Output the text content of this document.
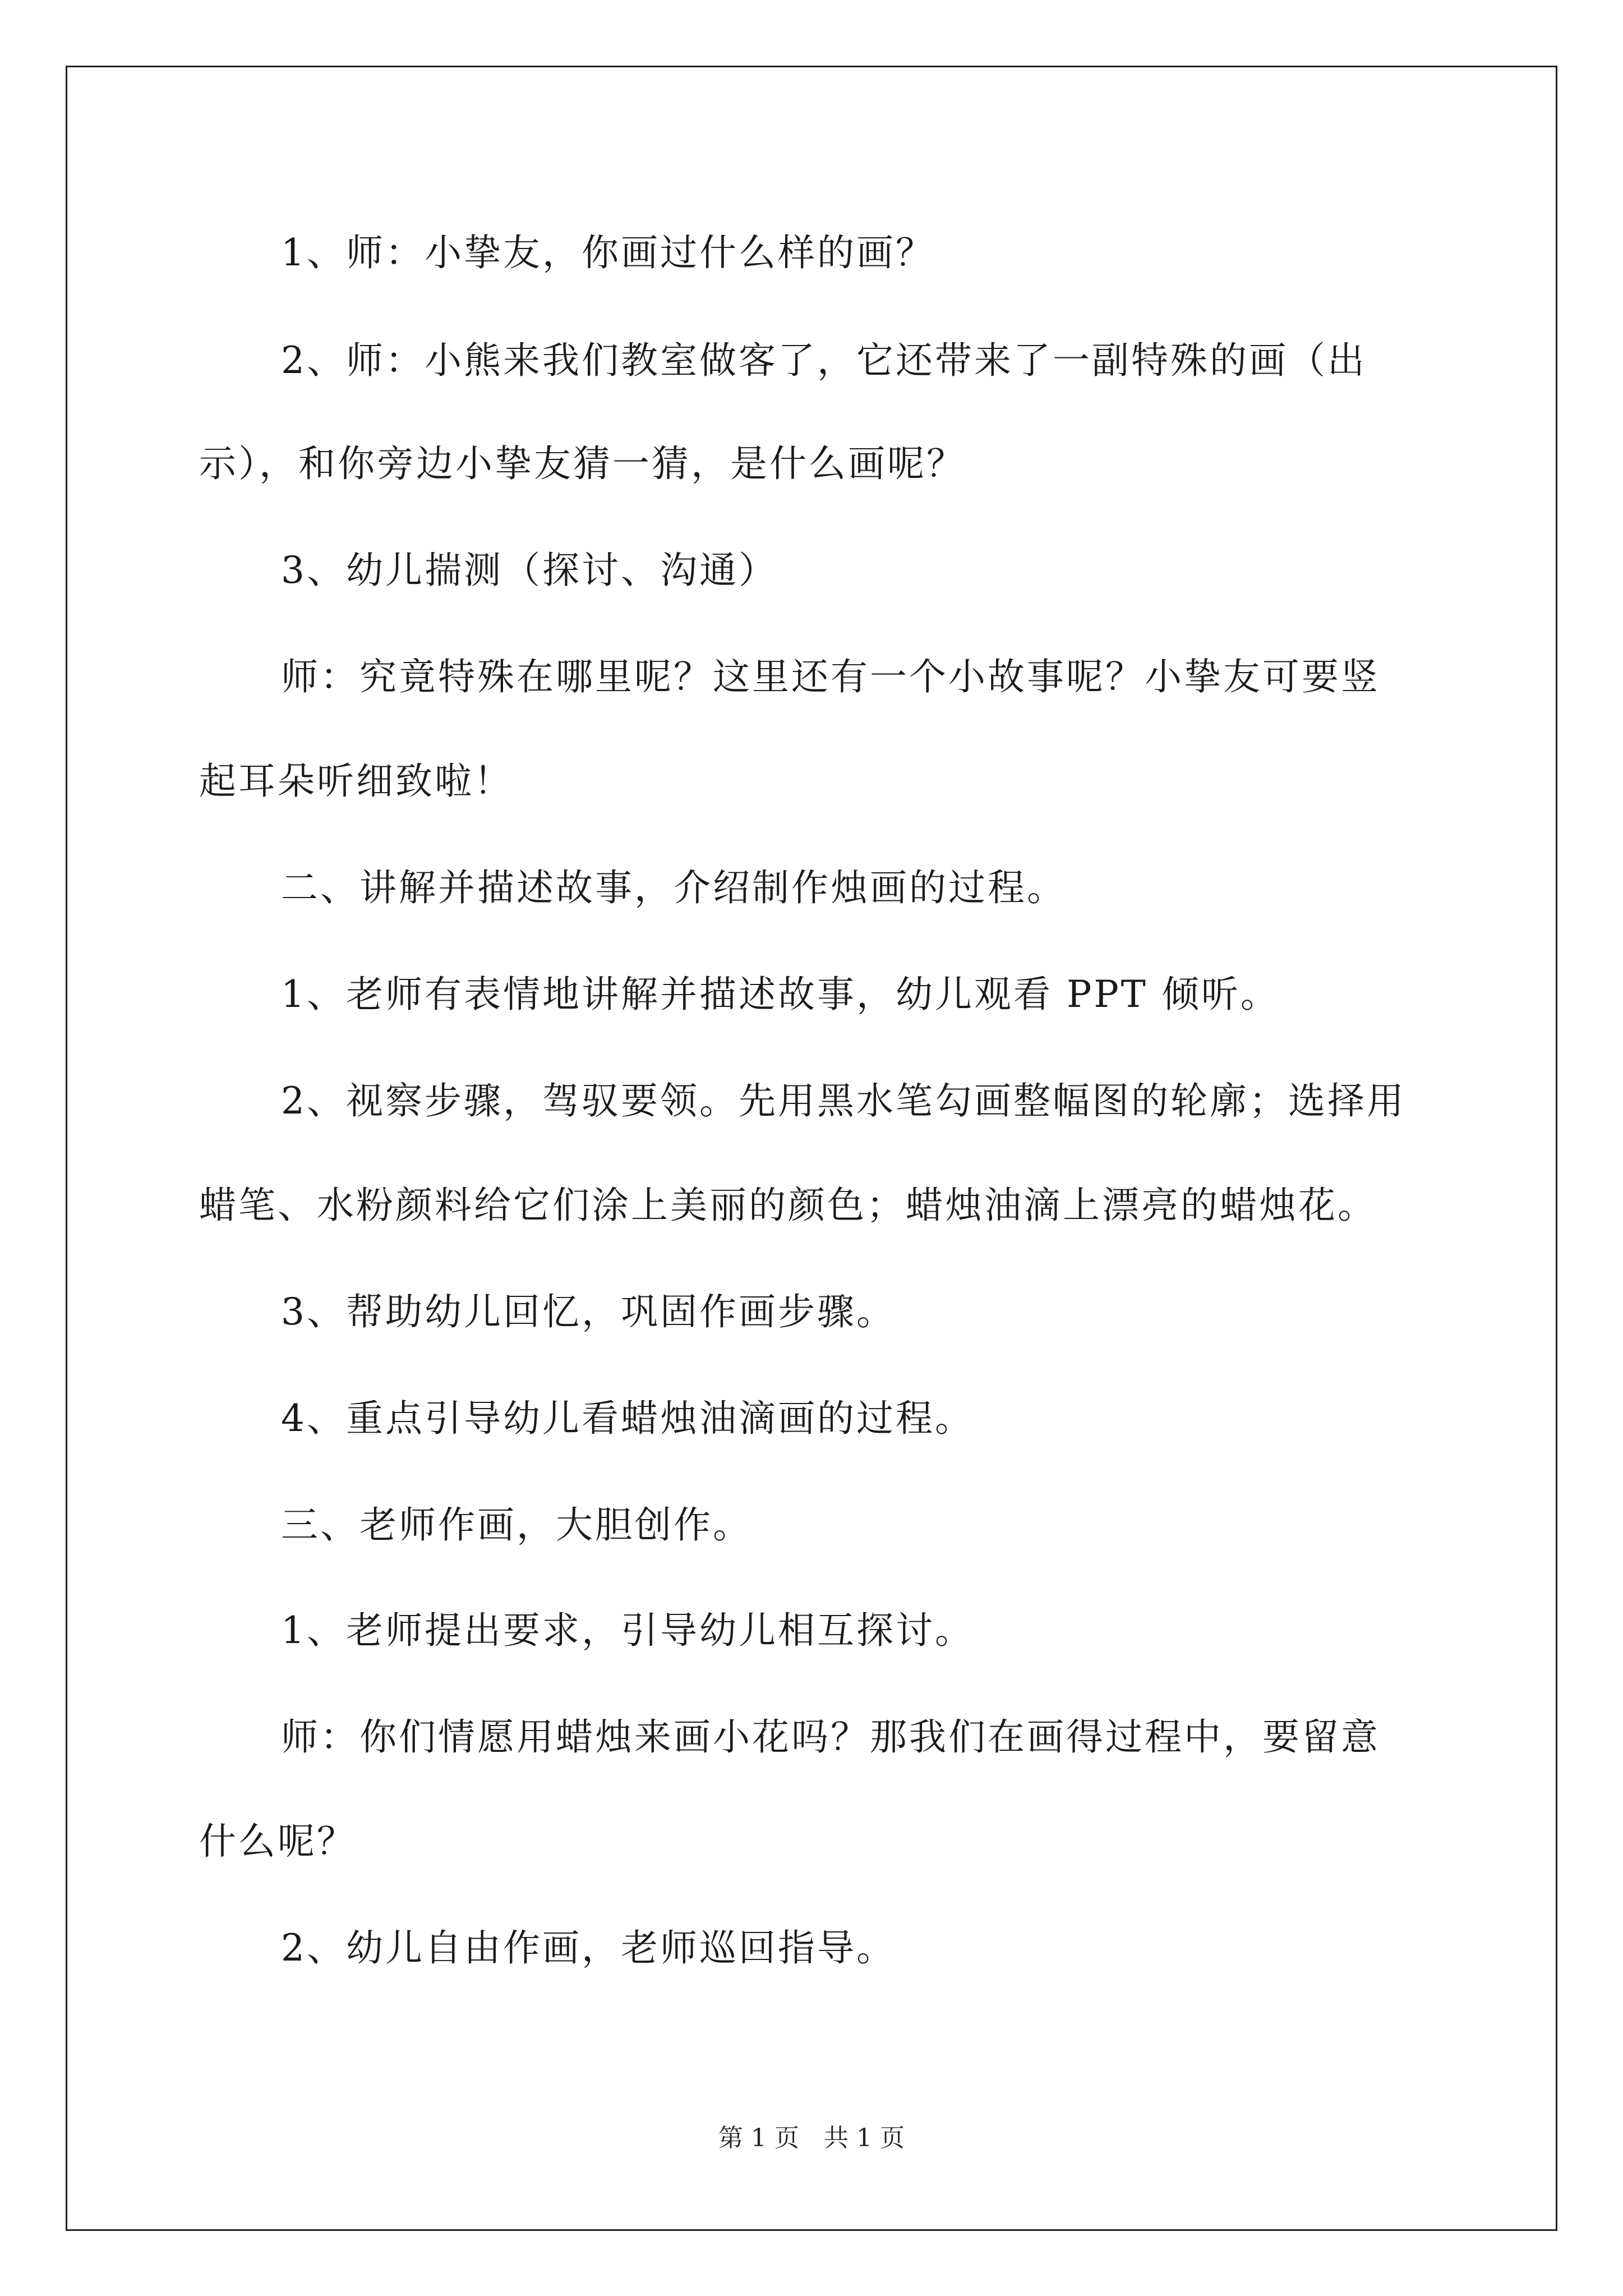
1、师：小挚友，你画过什么样的画？
2、师：小熊来我们教室做客了，它还带来了一副特殊的画（出
示），和你旁边小挚友猜一猜，是什么画呢？
3、幼儿揣测（探讨、沟通）
师：究竟特殊在哪里呢？这里还有一个小故事呢？小挚友可要竖
起耳朵听细致啦！
二、讲解并描述故事，介绍制作烛画的过程。
1、老师有表情地讲解并描述故事，幼儿观看 PPT 倾听。
2、视察步骤，驾驭要领。先用黑水笔勾画整幅图的轮廓；选择用
蜡笔、水粉颜料给它们涂上美丽的颜色；蜡烛油滴上漂亮的蜡烛花。
3、帮助幼儿回忆，巩固作画步骤。
4、重点引导幼儿看蜡烛油滴画的过程。
三、老师作画，大胆创作。
1、老师提出要求，引导幼儿相互探讨。
师：你们情愿用蜡烛来画小花吗？那我们在画得过程中，要留意
什么呢？
2、幼儿自由作画，老师巡回指导。
第 1 页　共 1 页
